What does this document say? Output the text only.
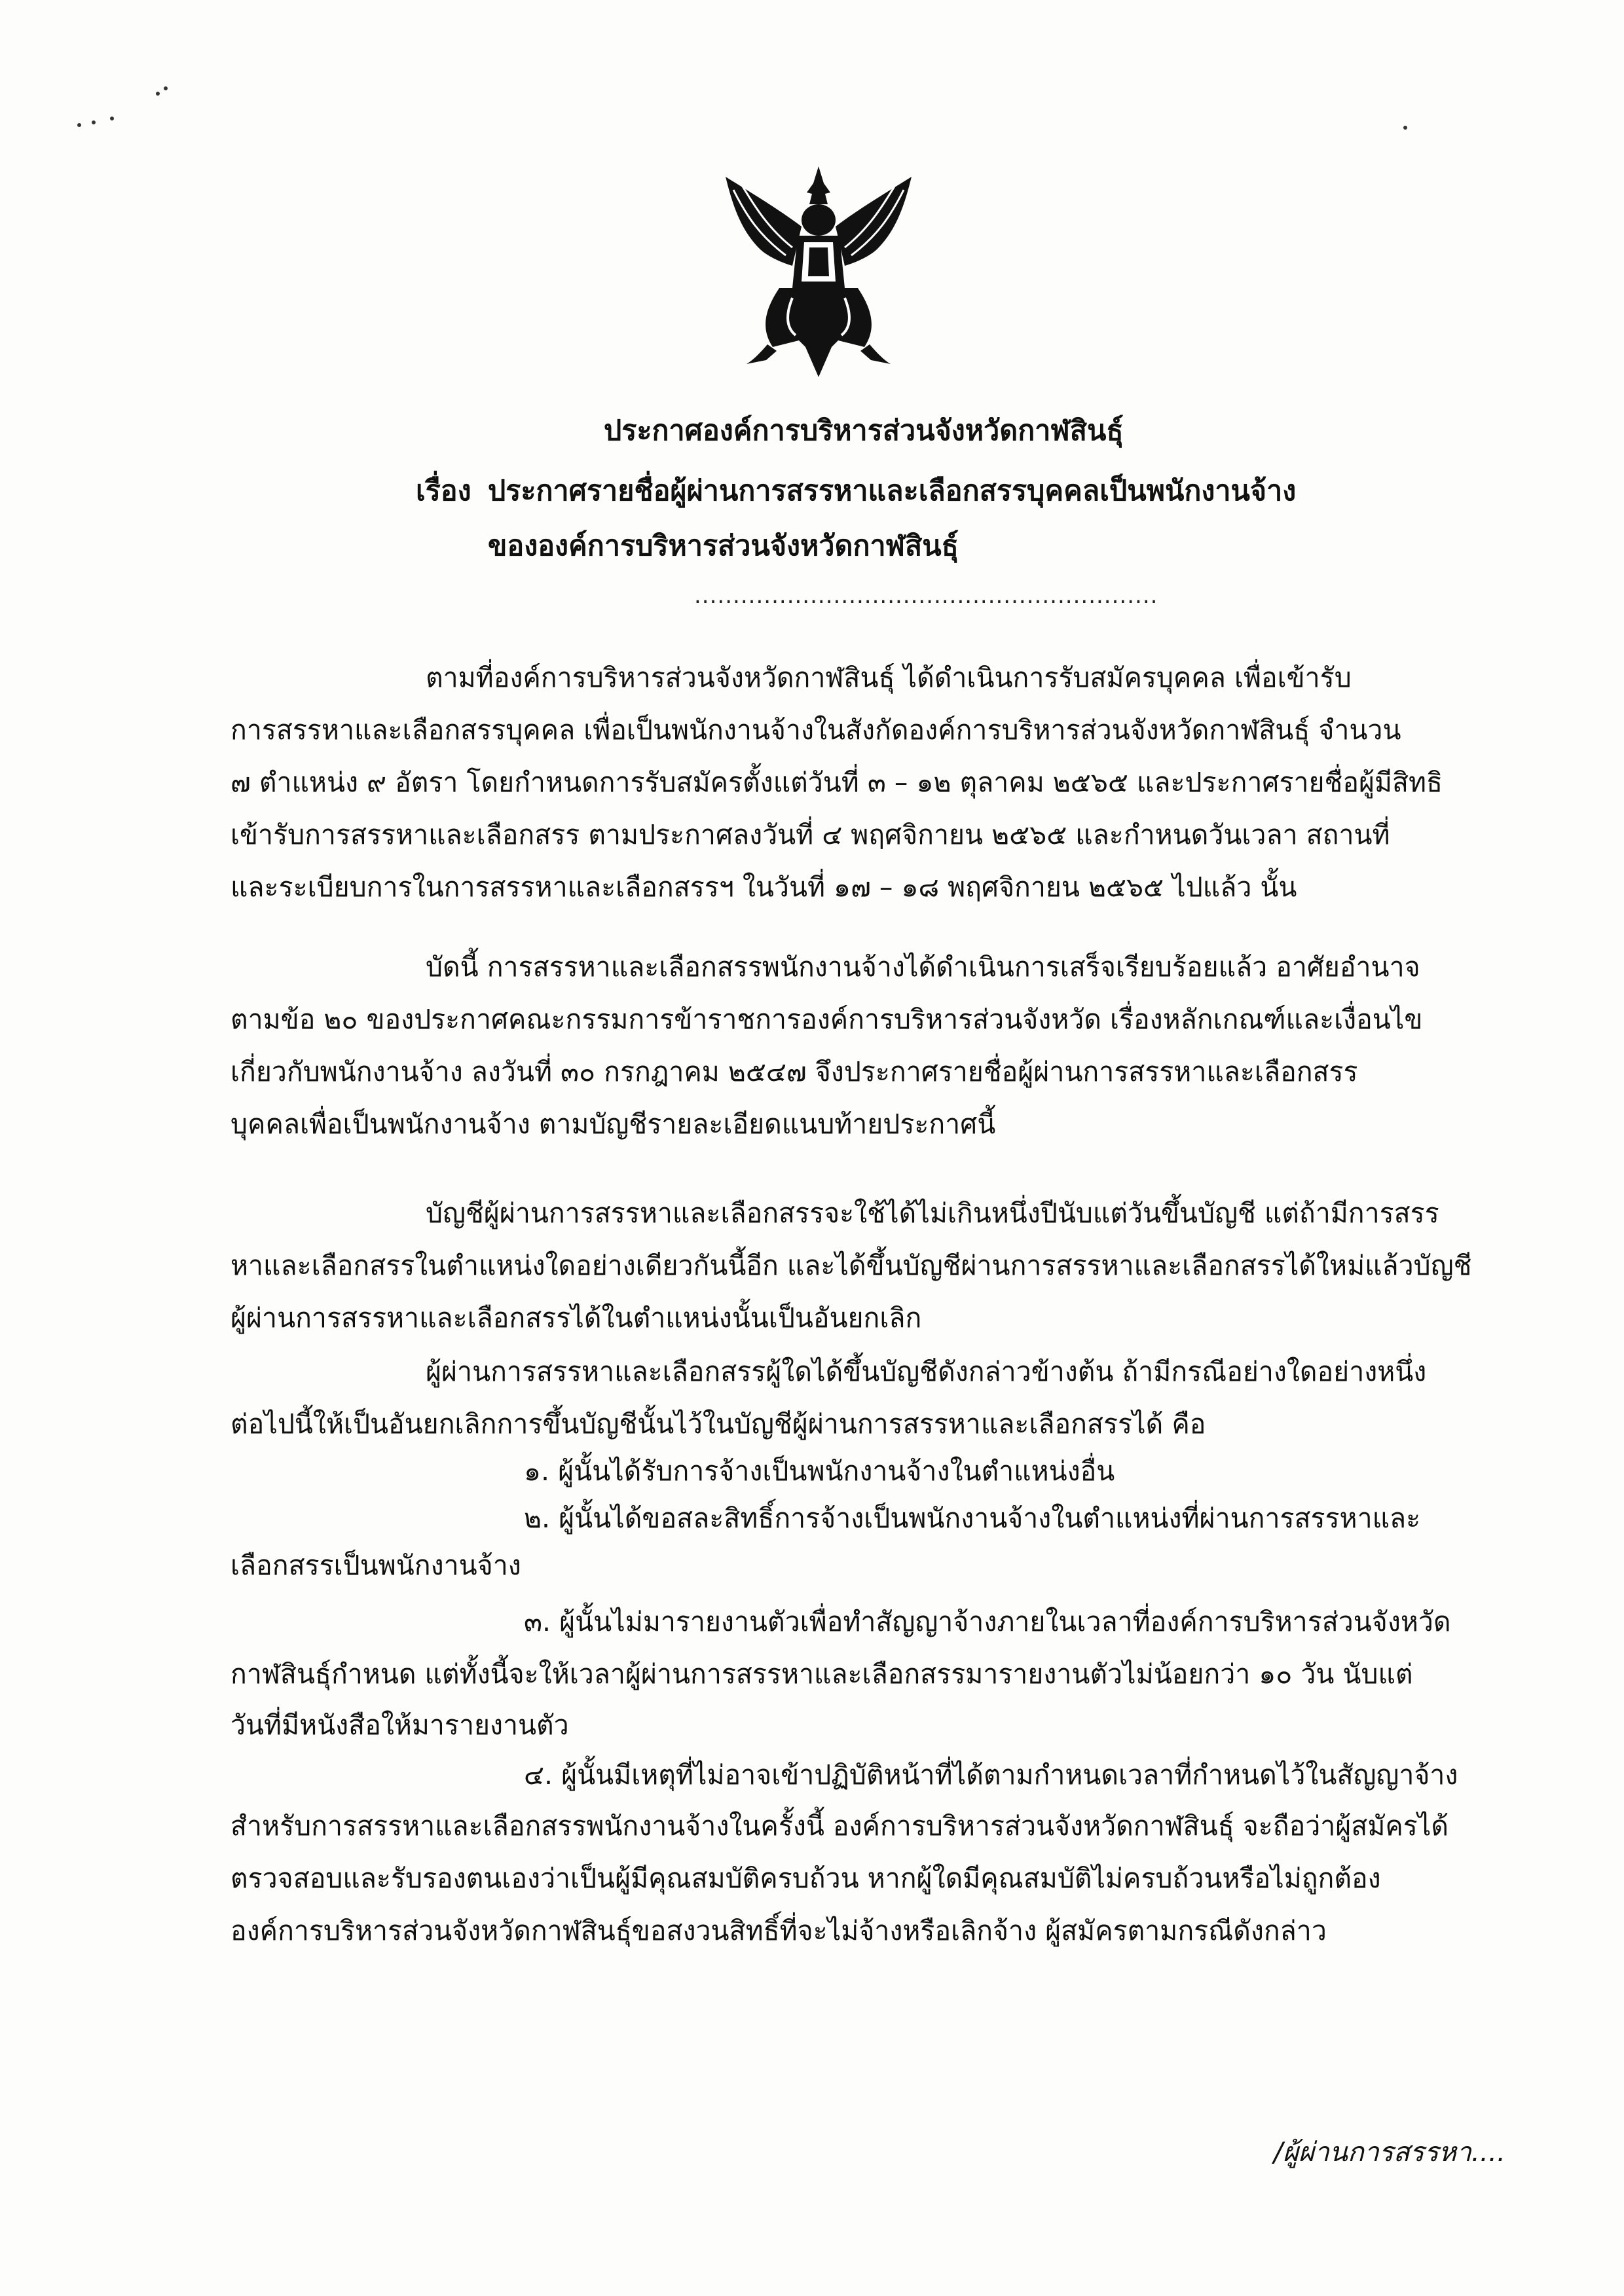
ประกาศองค์การบริหารส่วนจังหวัดกาฬสินธุ์
เรื่อง ประกาศรายชื่อผู้ผ่านการสรรหาและเลือกสรรบุคคลเป็นพนักงานจ้าง
ขององค์การบริหารส่วนจังหวัดกาฬสินธุ์
............................................................
ตามที่องค์การบริหารส่วนจังหวัดกาฬสินธุ์ ได้ดำเนินการรับสมัครบุคคล เพื่อเข้ารับ
การสรรหาและเลือกสรรบุคคล เพื่อเป็นพนักงานจ้างในสังกัดองค์การบริหารส่วนจังหวัดกาฬสินธุ์ จำนวน
๗ ตำแหน่ง ๙ อัตรา โดยกำหนดการรับสมัครตั้งแต่วันที่ ๓ – ๑๒ ตุลาคม ๒๕๖๕ และประกาศรายชื่อผู้มีสิทธิ
เข้ารับการสรรหาและเลือกสรร ตามประกาศลงวันที่ ๔ พฤศจิกายน ๒๕๖๕ และกำหนดวันเวลา สถานที่
และระเบียบการในการสรรหาและเลือกสรรฯ ในวันที่ ๑๗ – ๑๘ พฤศจิกายน ๒๕๖๕ ไปแล้ว นั้น
บัดนี้ การสรรหาและเลือกสรรพนักงานจ้างได้ดำเนินการเสร็จเรียบร้อยแล้ว อาศัยอำนาจ
ตามข้อ ๒๐ ของประกาศคณะกรรมการข้าราชการองค์การบริหารส่วนจังหวัด เรื่องหลักเกณฑ์และเงื่อนไข
เกี่ยวกับพนักงานจ้าง ลงวันที่ ๓๐ กรกฎาคม ๒๕๔๗ จึงประกาศรายชื่อผู้ผ่านการสรรหาและเลือกสรร
บุคคลเพื่อเป็นพนักงานจ้าง ตามบัญชีรายละเอียดแนบท้ายประกาศนี้
บัญชีผู้ผ่านการสรรหาและเลือกสรรจะใช้ได้ไม่เกินหนึ่งปีนับแต่วันขึ้นบัญชี แต่ถ้ามีการสรร
หาและเลือกสรรในตำแหน่งใดอย่างเดียวกันนี้อีก และได้ขึ้นบัญชีผ่านการสรรหาและเลือกสรรได้ใหม่แล้วบัญชี
ผู้ผ่านการสรรหาและเลือกสรรได้ในตำแหน่งนั้นเป็นอันยกเลิก
ผู้ผ่านการสรรหาและเลือกสรรผู้ใดได้ขึ้นบัญชีดังกล่าวข้างต้น ถ้ามีกรณีอย่างใดอย่างหนึ่ง
ต่อไปนี้ให้เป็นอันยกเลิกการขึ้นบัญชีนั้นไว้ในบัญชีผู้ผ่านการสรรหาและเลือกสรรได้ คือ
๑. ผู้นั้นได้รับการจ้างเป็นพนักงานจ้างในตำแหน่งอื่น
๒. ผู้นั้นได้ขอสละสิทธิ์การจ้างเป็นพนักงานจ้างในตำแหน่งที่ผ่านการสรรหาและ
เลือกสรรเป็นพนักงานจ้าง
๓. ผู้นั้นไม่มารายงานตัวเพื่อทำสัญญาจ้างภายในเวลาที่องค์การบริหารส่วนจังหวัด
กาฬสินธุ์กำหนด แต่ทั้งนี้จะให้เวลาผู้ผ่านการสรรหาและเลือกสรรมารายงานตัวไม่น้อยกว่า ๑๐ วัน นับแต่
วันที่มีหนังสือให้มารายงานตัว
๔. ผู้นั้นมีเหตุที่ไม่อาจเข้าปฏิบัติหน้าที่ได้ตามกำหนดเวลาที่กำหนดไว้ในสัญญาจ้าง
สำหรับการสรรหาและเลือกสรรพนักงานจ้างในครั้งนี้ องค์การบริหารส่วนจังหวัดกาฬสินธุ์ จะถือว่าผู้สมัครได้
ตรวจสอบและรับรองตนเองว่าเป็นผู้มีคุณสมบัติครบถ้วน หากผู้ใดมีคุณสมบัติไม่ครบถ้วนหรือไม่ถูกต้อง
องค์การบริหารส่วนจังหวัดกาฬสินธุ์ขอสงวนสิทธิ์ที่จะไม่จ้างหรือเลิกจ้าง ผู้สมัครตามกรณีดังกล่าว
/ผู้ผ่านการสรรหา....
